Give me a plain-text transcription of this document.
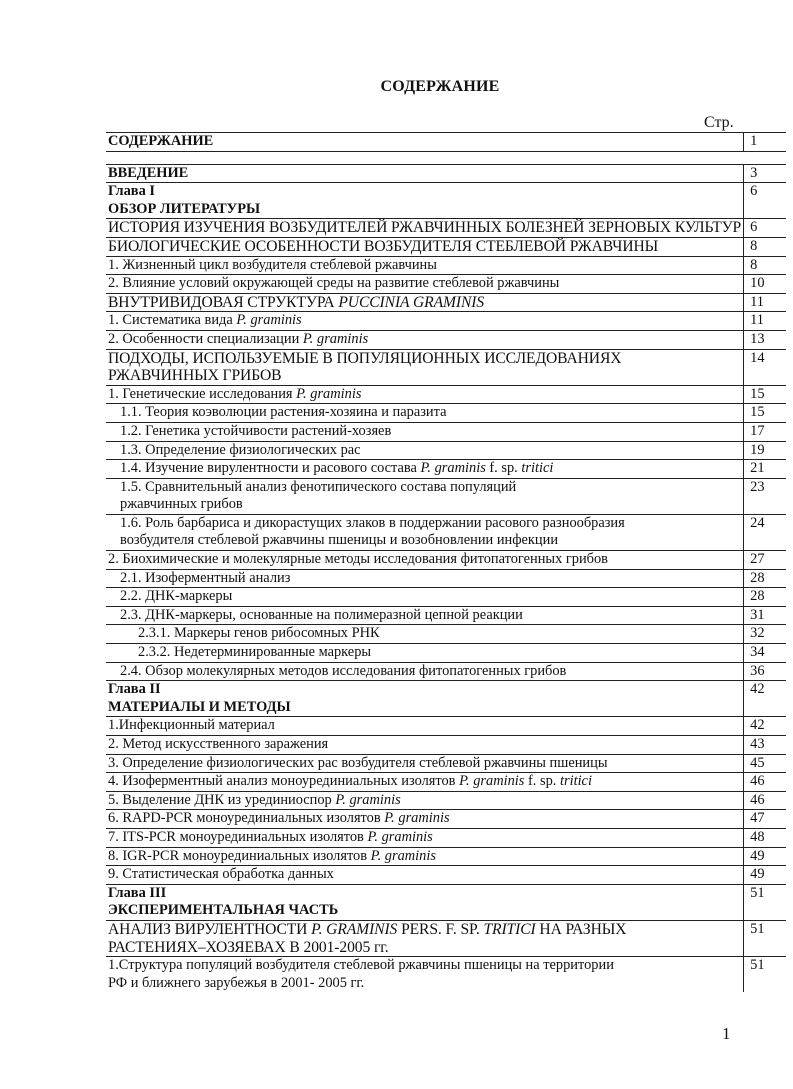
СОДЕРЖАНИЕ
Стр.
СОДЕРЖАНИЕ	1

ВВЕДЕНИЕ	3
Глава I
ОБЗОР ЛИТЕРАТУРЫ	6
ИСТОРИЯ ИЗУЧЕНИЯ ВОЗБУДИТЕЛЕЙ РЖАВЧИННЫХ БОЛЕЗНЕЙ ЗЕРНОВЫХ КУЛЬТУР	6
БИОЛОГИЧЕСКИЕ ОСОБЕННОСТИ ВОЗБУДИТЕЛЯ СТЕБЛЕВОЙ РЖАВЧИНЫ	8
1. Жизненный цикл возбудителя стеблевой ржавчины	8
2. Влияние условий окружающей среды на развитие стеблевой ржавчины	10
ВНУТРИВИДОВАЯ СТРУКТУРА PUCCINIA GRAMINIS	11
1. Систематика вида P. graminis	11
2. Особенности специализации P. graminis	13
ПОДХОДЫ, ИСПОЛЬЗУЕМЫЕ В ПОПУЛЯЦИОННЫХ ИССЛЕДОВАНИЯХ
РЖАВЧИННЫХ ГРИБОВ	14
1. Генетические исследования P. graminis	15
1.1. Теория коэволюции растения-хозяина и паразита	15
1.2. Генетика устойчивости растений-хозяев	17
1.3. Определение физиологических рас	19
1.4. Изучение вирулентности и расового состава P. graminis f. sp. tritici	21
1.5. Сравнительный анализ фенотипического состава популяций
ржавчинных грибов	23
1.6. Роль барбариса и дикорастущих злаков в поддержании расового разнообразия
возбудителя стеблевой ржавчины пшеницы и возобновлении инфекции	24
2. Биохимические и молекулярные методы исследования фитопатогенных грибов	27
2.1. Изоферментный анализ	28
2.2. ДНК-маркеры	28
2.3. ДНК-маркеры, основанные на полимеразной цепной реакции	31
2.3.1. Маркеры генов рибосомных РНК	32
2.3.2. Недетерминированные маркеры	34
2.4. Обзор молекулярных методов исследования фитопатогенных грибов	36
Глава II
МАТЕРИАЛЫ И МЕТОДЫ	42
1.Инфекционный материал	42
2. Метод искусственного заражения	43
3. Определение физиологических рас возбудителя стеблевой ржавчины пшеницы	45
4. Изоферментный анализ моноурединиальных изолятов P. graminis f. sp. tritici	46
5. Выделение ДНК из урединиоспор P. graminis	46
6. RAPD-PCR моноурединиальных изолятов P. graminis	47
7. ITS-PCR моноурединиальных изолятов P. graminis	48
8. IGR-PCR моноурединиальных изолятов P. graminis	49
9. Статистическая обработка данных	49
Глава III
ЭКСПЕРИМЕНТАЛЬНАЯ ЧАСТЬ	51
АНАЛИЗ ВИРУЛЕНТНОСТИ P. GRAMINIS PERS. F. SP. TRITICI НА РАЗНЫХ
РАСТЕНИЯХ–ХОЗЯЕВАХ В 2001-2005 гг.	51
1.Структура популяций возбудителя стеблевой ржавчины пшеницы на территории
РФ и ближнего зарубежья в 2001- 2005 гг.	51
1
